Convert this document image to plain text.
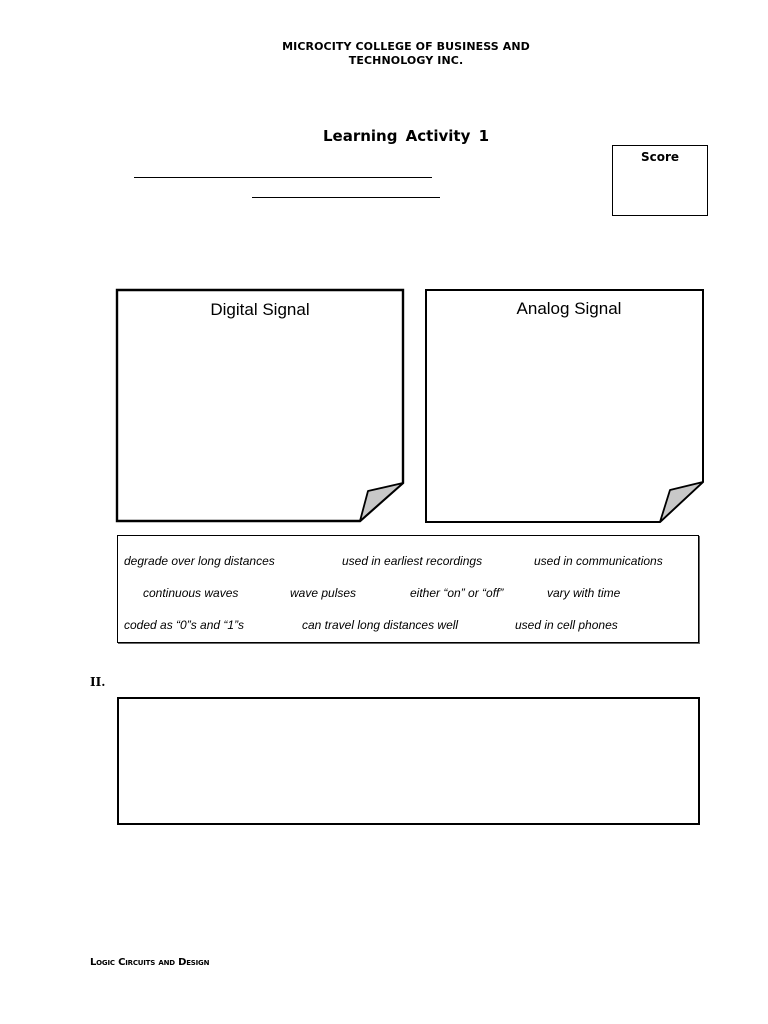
MICROCITY COLLEGE OF BUSINESS AND
TECHNOLOGY INC.
Learning Activity 1
Score
Digital Signal	Analog Signal
degrade over long distances	used in earliest recordings	used in communications
continuous waves	wave pulses	either “on” or “off”	vary with time
coded as “0”s and “1”s	can travel long distances well	used in cell phones
II.
Logic Circuits and Design
